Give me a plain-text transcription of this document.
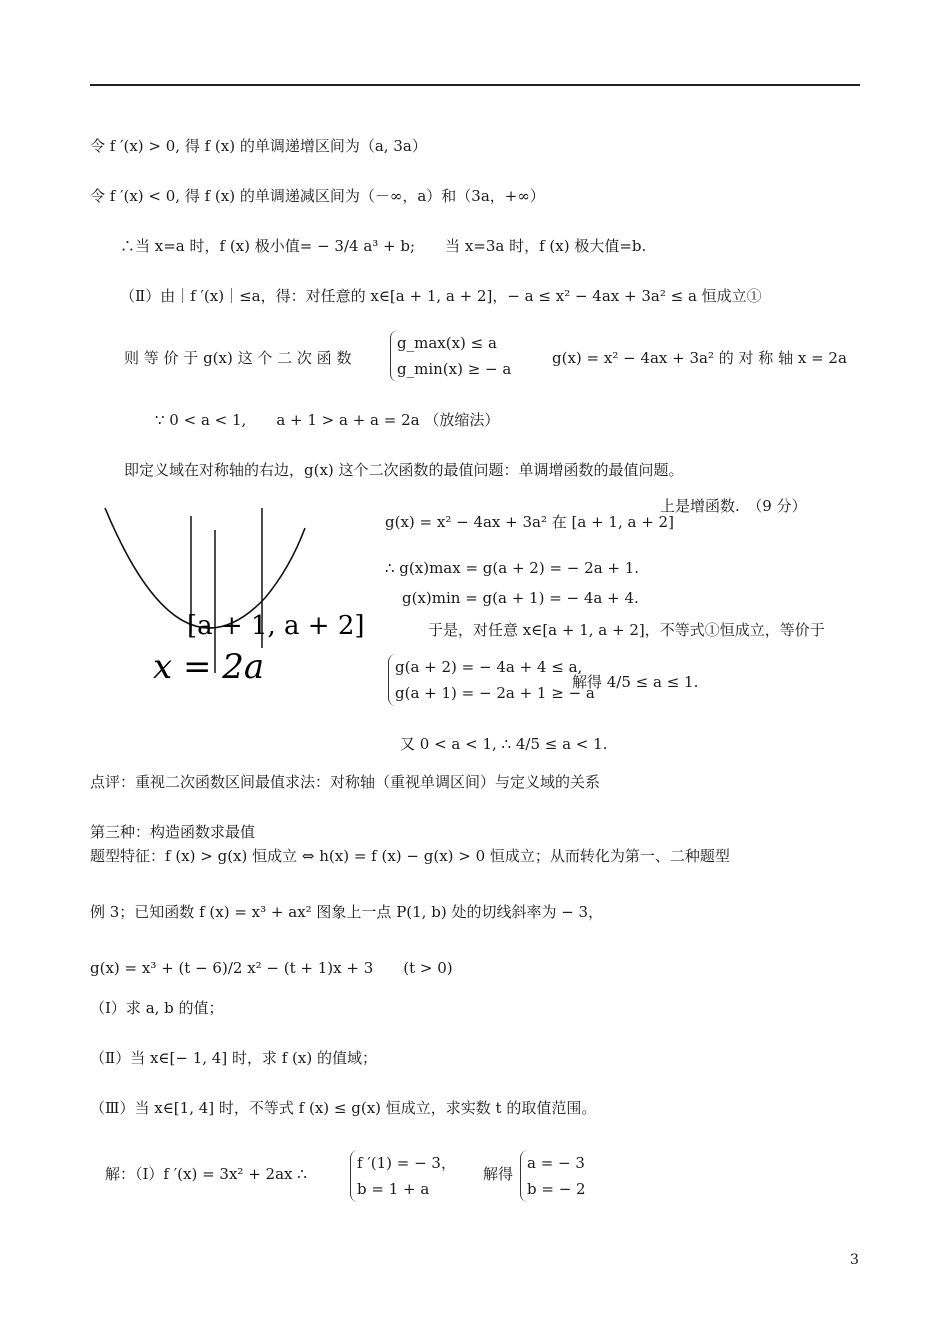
令 f ′(x) > 0, 得 f (x) 的单调递增区间为（a, 3a）
令 f ′(x) < 0, 得 f (x) 的单调递减区间为（－∞，a）和（3a，+∞）
∴当 x=a 时，f (x) 极小值= − 3/4 a³ + b;　　当 x=3a 时，f (x) 极大值=b.
（Ⅱ）由｜f ′(x)｜≤a，得：对任意的 x∈[a + 1, a + 2]，− a ≤ x² − 4ax + 3a² ≤ a 恒成立①
则 等 价 于 g(x) 这 个 二 次 函 数
g_max(x) ≤ a
g_min(x) ≥ − a
g(x) = x² − 4ax + 3a² 的 对 称 轴 x = 2a
∵ 0 < a < 1,　　a + 1 > a + a = 2a （放缩法）
即定义域在对称轴的右边，g(x) 这个二次函数的最值问题：单调增函数的最值问题。
[a + 1, a + 2]
x = 2a
g(x) = x² − 4ax + 3a² 在 [a + 1, a + 2]
上是增函数.　（9 分）
∴ g(x)max = g(a + 2) = − 2a + 1.
g(x)min = g(a + 1) = − 4a + 4.
于是，对任意 x∈[a + 1, a + 2]，不等式①恒成立，等价于
g(a + 2) = − 4a + 4 ≤ a,
g(a + 1) = − 2a + 1 ≥ − a
解得 4/5 ≤ a ≤ 1.
又 0 < a < 1, ∴ 4/5 ≤ a < 1.
点评：重视二次函数区间最值求法：对称轴（重视单调区间）与定义域的关系
第三种：构造函数求最值
题型特征：f (x) > g(x) 恒成立 ⇔ h(x) = f (x) − g(x) > 0 恒成立；从而转化为第一、二种题型
例 3；已知函数 f (x) = x³ + ax² 图象上一点 P(1, b) 处的切线斜率为 − 3，
g(x) = x³ + (t − 6)/2 x² − (t + 1)x + 3　　(t > 0)
（Ⅰ）求 a, b 的值；
（Ⅱ）当 x∈[− 1, 4] 时，求 f (x) 的值域；
（Ⅲ）当 x∈[1, 4] 时，不等式 f (x) ≤ g(x) 恒成立，求实数 t 的取值范围。
解：（Ⅰ）f ′(x) = 3x² + 2ax ∴
f ′(1) = − 3，
b = 1 + a
解得
a = − 3
b = − 2
3
